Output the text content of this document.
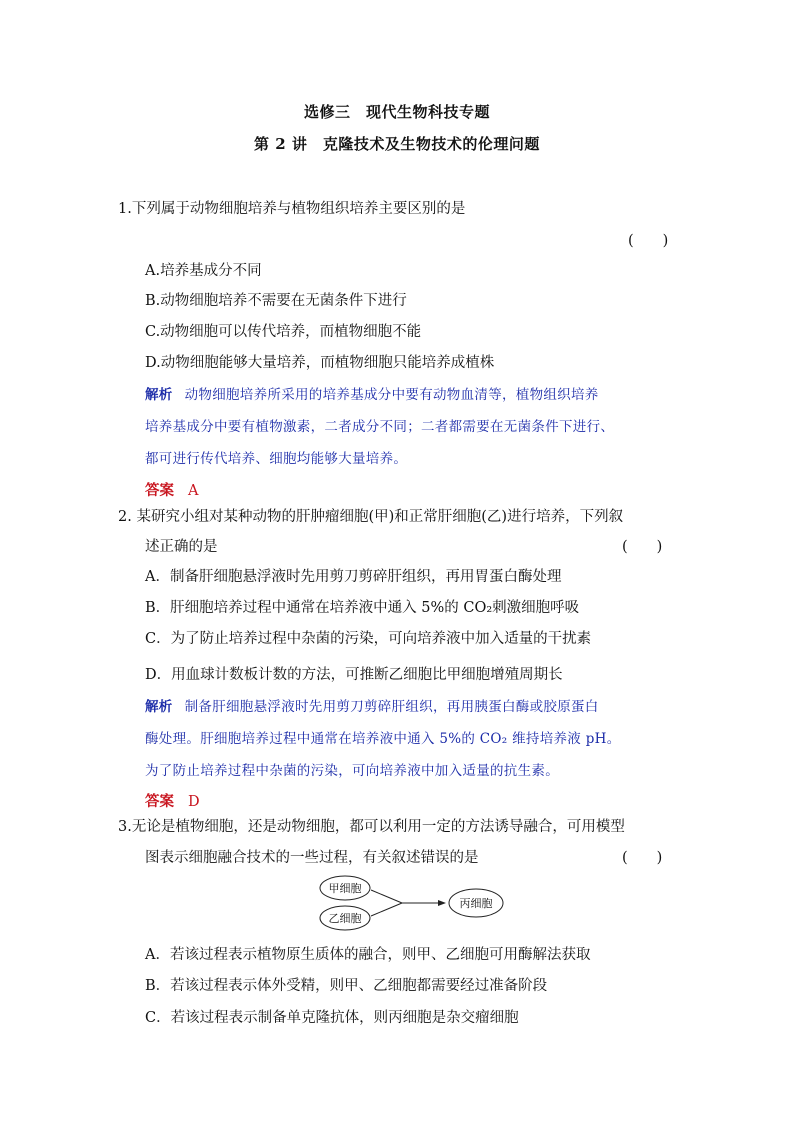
选修三　现代生物科技专题
第 2 讲　克隆技术及生物技术的伦理问题
1.下列属于动物细胞培养与植物组织培养主要区别的是
(　　)
A.培养基成分不同
B.动物细胞培养不需要在无菌条件下进行
C.动物细胞可以传代培养，而植物细胞不能
D.动物细胞能够大量培养，而植物细胞只能培养成植株
解析 动物细胞培养所采用的培养基成分中要有动物血清等，植物组织培养
培养基成分中要有植物激素，二者成分不同；二者都需要在无菌条件下进行、
都可进行传代培养、细胞均能够大量培养。
答案 A
2. 某研究小组对某种动物的肝肿瘤细胞(甲)和正常肝细胞(乙)进行培养，下列叙
述正确的是	(　　)
A．制备肝细胞悬浮液时先用剪刀剪碎肝组织，再用胃蛋白酶处理
B．肝细胞培养过程中通常在培养液中通入 5%的 CO₂刺激细胞呼吸
C．为了防止培养过程中杂菌的污染，可向培养液中加入适量的干扰素
D．用血球计数板计数的方法，可推断乙细胞比甲细胞增殖周期长
解析 制备肝细胞悬浮液时先用剪刀剪碎肝组织，再用胰蛋白酶或胶原蛋白
酶处理。肝细胞培养过程中通常在培养液中通入 5%的 CO₂ 维持培养液 pH。
为了防止培养过程中杂菌的污染，可向培养液中加入适量的抗生素。
答案 D
3.无论是植物细胞，还是动物细胞，都可以利用一定的方法诱导融合，可用模型
图表示细胞融合技术的一些过程，有关叙述错误的是	(　　)
甲细胞
乙细胞
丙细胞
A．若该过程表示植物原生质体的融合，则甲、乙细胞可用酶解法获取
B．若该过程表示体外受精，则甲、乙细胞都需要经过准备阶段
C．若该过程表示制备单克隆抗体，则丙细胞是杂交瘤细胞
